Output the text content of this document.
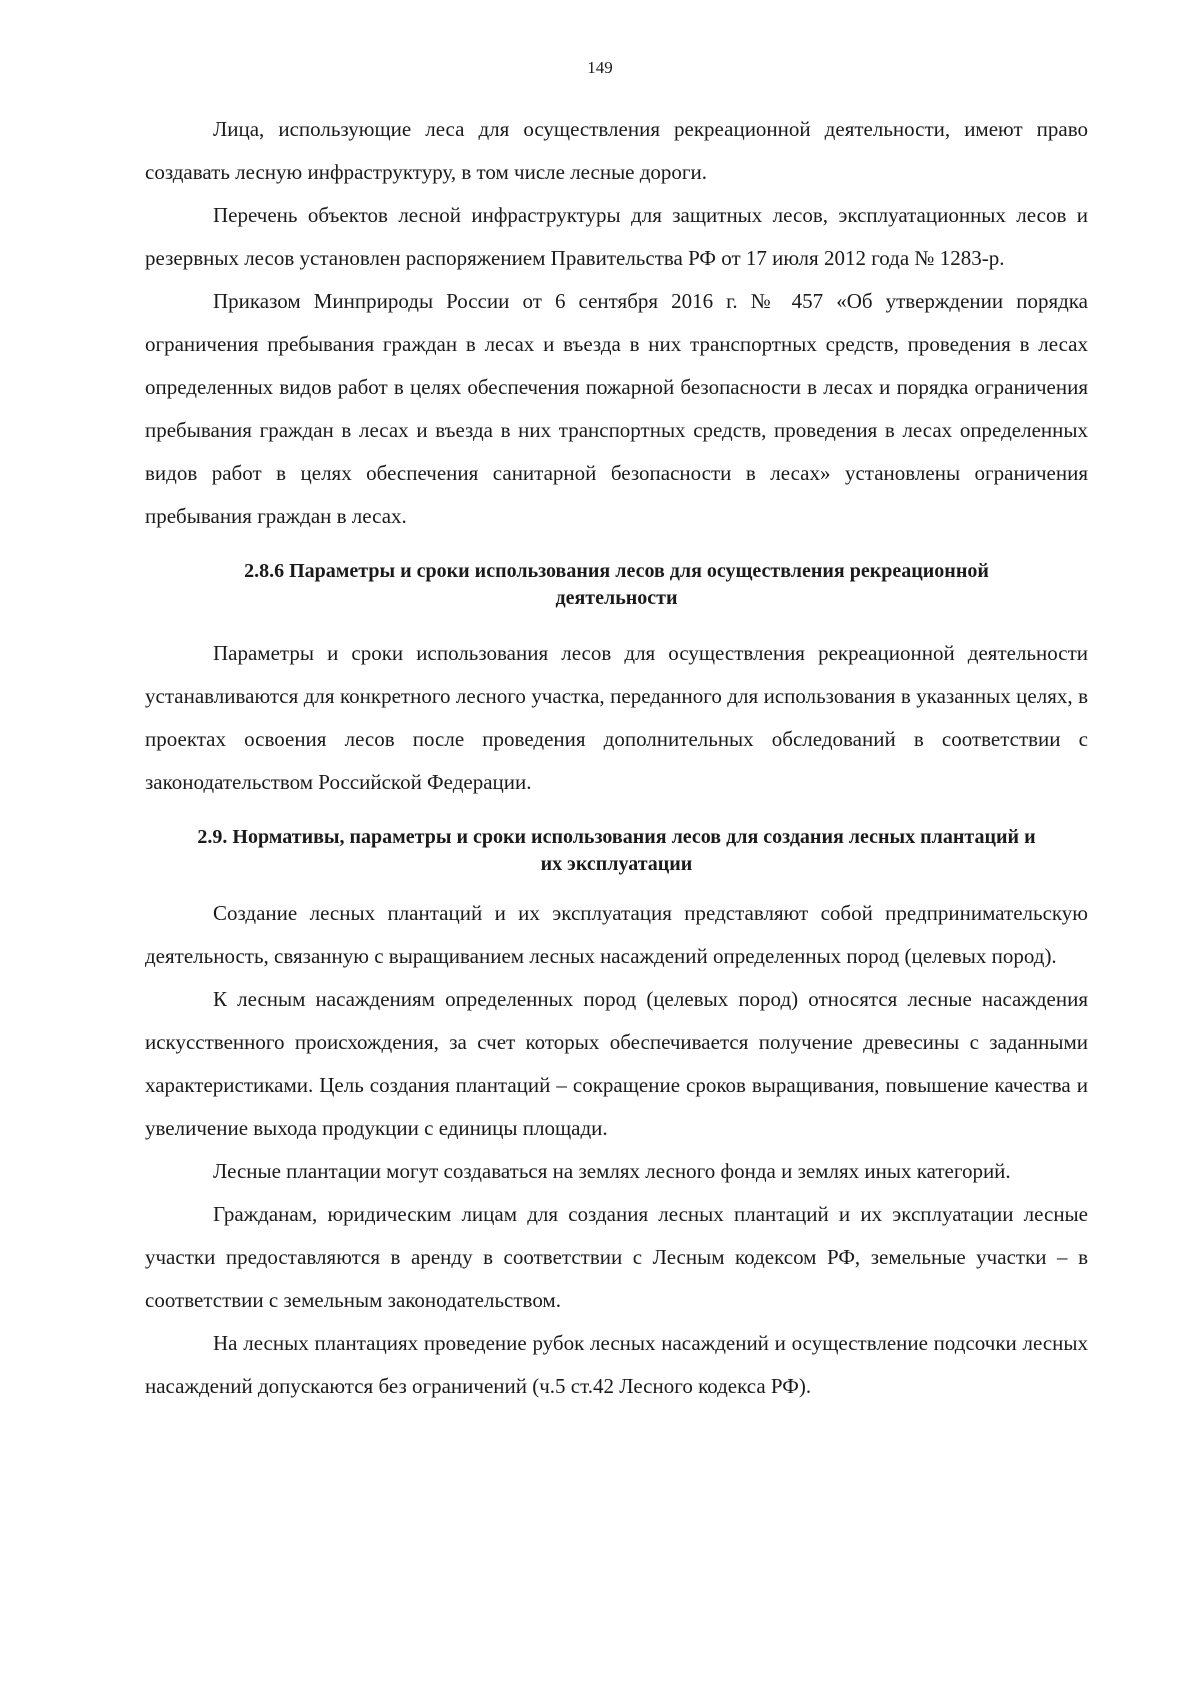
149

Лица, использующие леса для осуществления рекреационной деятельности, имеют право создавать лесную инфраструктуру, в том числе лесные дороги.

Перечень объектов лесной инфраструктуры для защитных лесов, эксплуатационных лесов и резервных лесов установлен распоряжением Правительства РФ от 17 июля 2012 года № 1283-р.

Приказом Минприроды России от 6 сентября 2016 г. № 457 «Об утверждении порядка ограничения пребывания граждан в лесах и въезда в них транспортных средств, проведения в лесах определенных видов работ в целях обеспечения пожарной безопасности в лесах и порядка ограничения пребывания граждан в лесах и въезда в них транспортных средств, проведения в лесах определенных видов работ в целях обеспечения санитарной безопасности в лесах» установлены ограничения пребывания граждан в лесах.

2.8.6 Параметры и сроки использования лесов для осуществления рекреационной деятельности

Параметры и сроки использования лесов для осуществления рекреационной деятельности устанавливаются для конкретного лесного участка, переданного для использования в указанных целях, в проектах освоения лесов после проведения дополнительных обследований в соответствии с законодательством Российской Федерации.

2.9. Нормативы, параметры и сроки использования лесов для создания лесных плантаций и их эксплуатации

Создание лесных плантаций и их эксплуатация представляют собой предпринимательскую деятельность, связанную с выращиванием лесных насаждений определенных пород (целевых пород).

К лесным насаждениям определенных пород (целевых пород) относятся лесные насаждения искусственного происхождения, за счет которых обеспечивается получение древесины с заданными характеристиками. Цель создания плантаций – сокращение сроков выращивания, повышение качества и увеличение выхода продукции с единицы площади.

Лесные плантации могут создаваться на землях лесного фонда и землях иных категорий.

Гражданам, юридическим лицам для создания лесных плантаций и их эксплуатации лесные участки предоставляются в аренду в соответствии с Лесным кодексом РФ, земельные участки – в соответствии с земельным законодательством.

На лесных плантациях проведение рубок лесных насаждений и осуществление подсочки лесных насаждений допускаются без ограничений (ч.5 ст.42 Лесного кодекса РФ).
